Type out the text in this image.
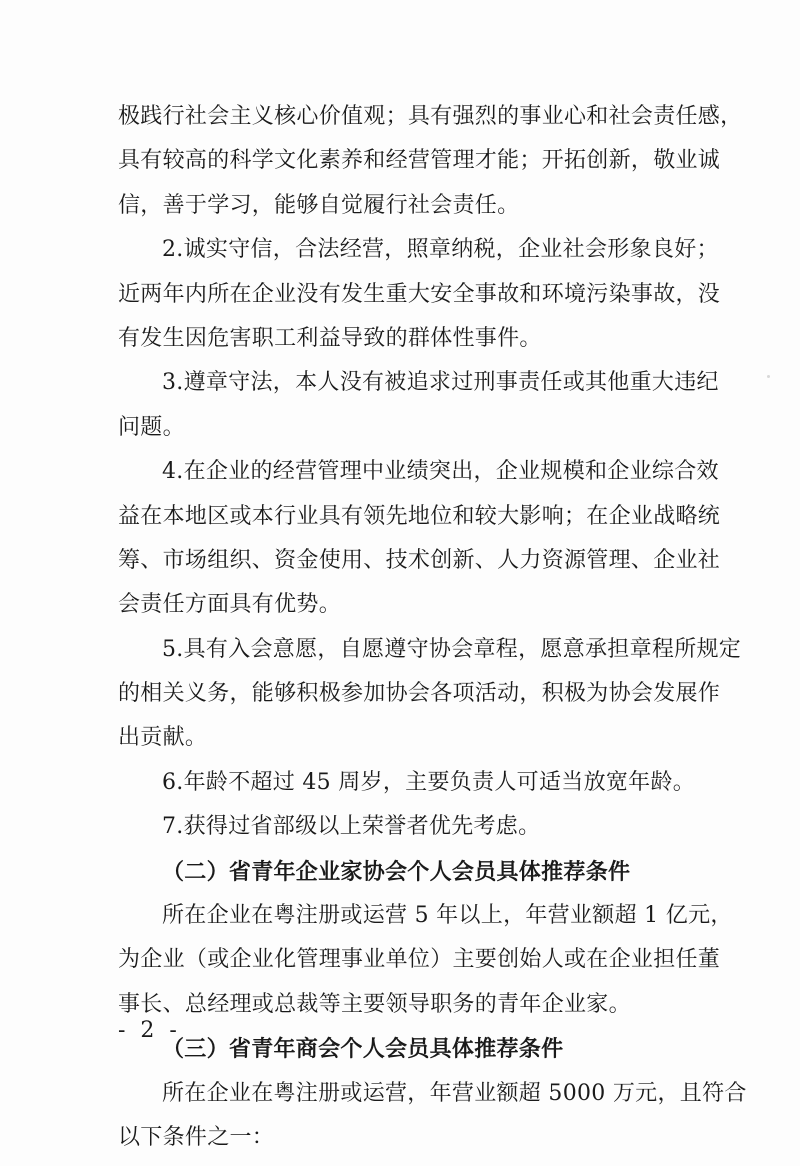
极践行社会主义核心价值观；具有强烈的事业心和社会责任感，
具有较高的科学文化素养和经营管理才能；开拓创新，敬业诚
信，善于学习，能够自觉履行社会责任。
2.诚实守信，合法经营，照章纳税，企业社会形象良好；
近两年内所在企业没有发生重大安全事故和环境污染事故，没
有发生因危害职工利益导致的群体性事件。
3.遵章守法，本人没有被追求过刑事责任或其他重大违纪
问题。
4.在企业的经营管理中业绩突出，企业规模和企业综合效
益在本地区或本行业具有领先地位和较大影响；在企业战略统
筹、市场组织、资金使用、技术创新、人力资源管理、企业社
会责任方面具有优势。
5.具有入会意愿，自愿遵守协会章程，愿意承担章程所规定
的相关义务，能够积极参加协会各项活动，积极为协会发展作
出贡献。
6.年龄不超过 45 周岁，主要负责人可适当放宽年龄。
7.获得过省部级以上荣誉者优先考虑。
（二）省青年企业家协会个人会员具体推荐条件
所在企业在粤注册或运营 5 年以上，年营业额超 1 亿元，
为企业（或企业化管理事业单位）主要创始人或在企业担任董
事长、总经理或总裁等主要领导职务的青年企业家。
（三）省青年商会个人会员具体推荐条件
所在企业在粤注册或运营，年营业额超 5000 万元，且符合
以下条件之一：
- 2 -
